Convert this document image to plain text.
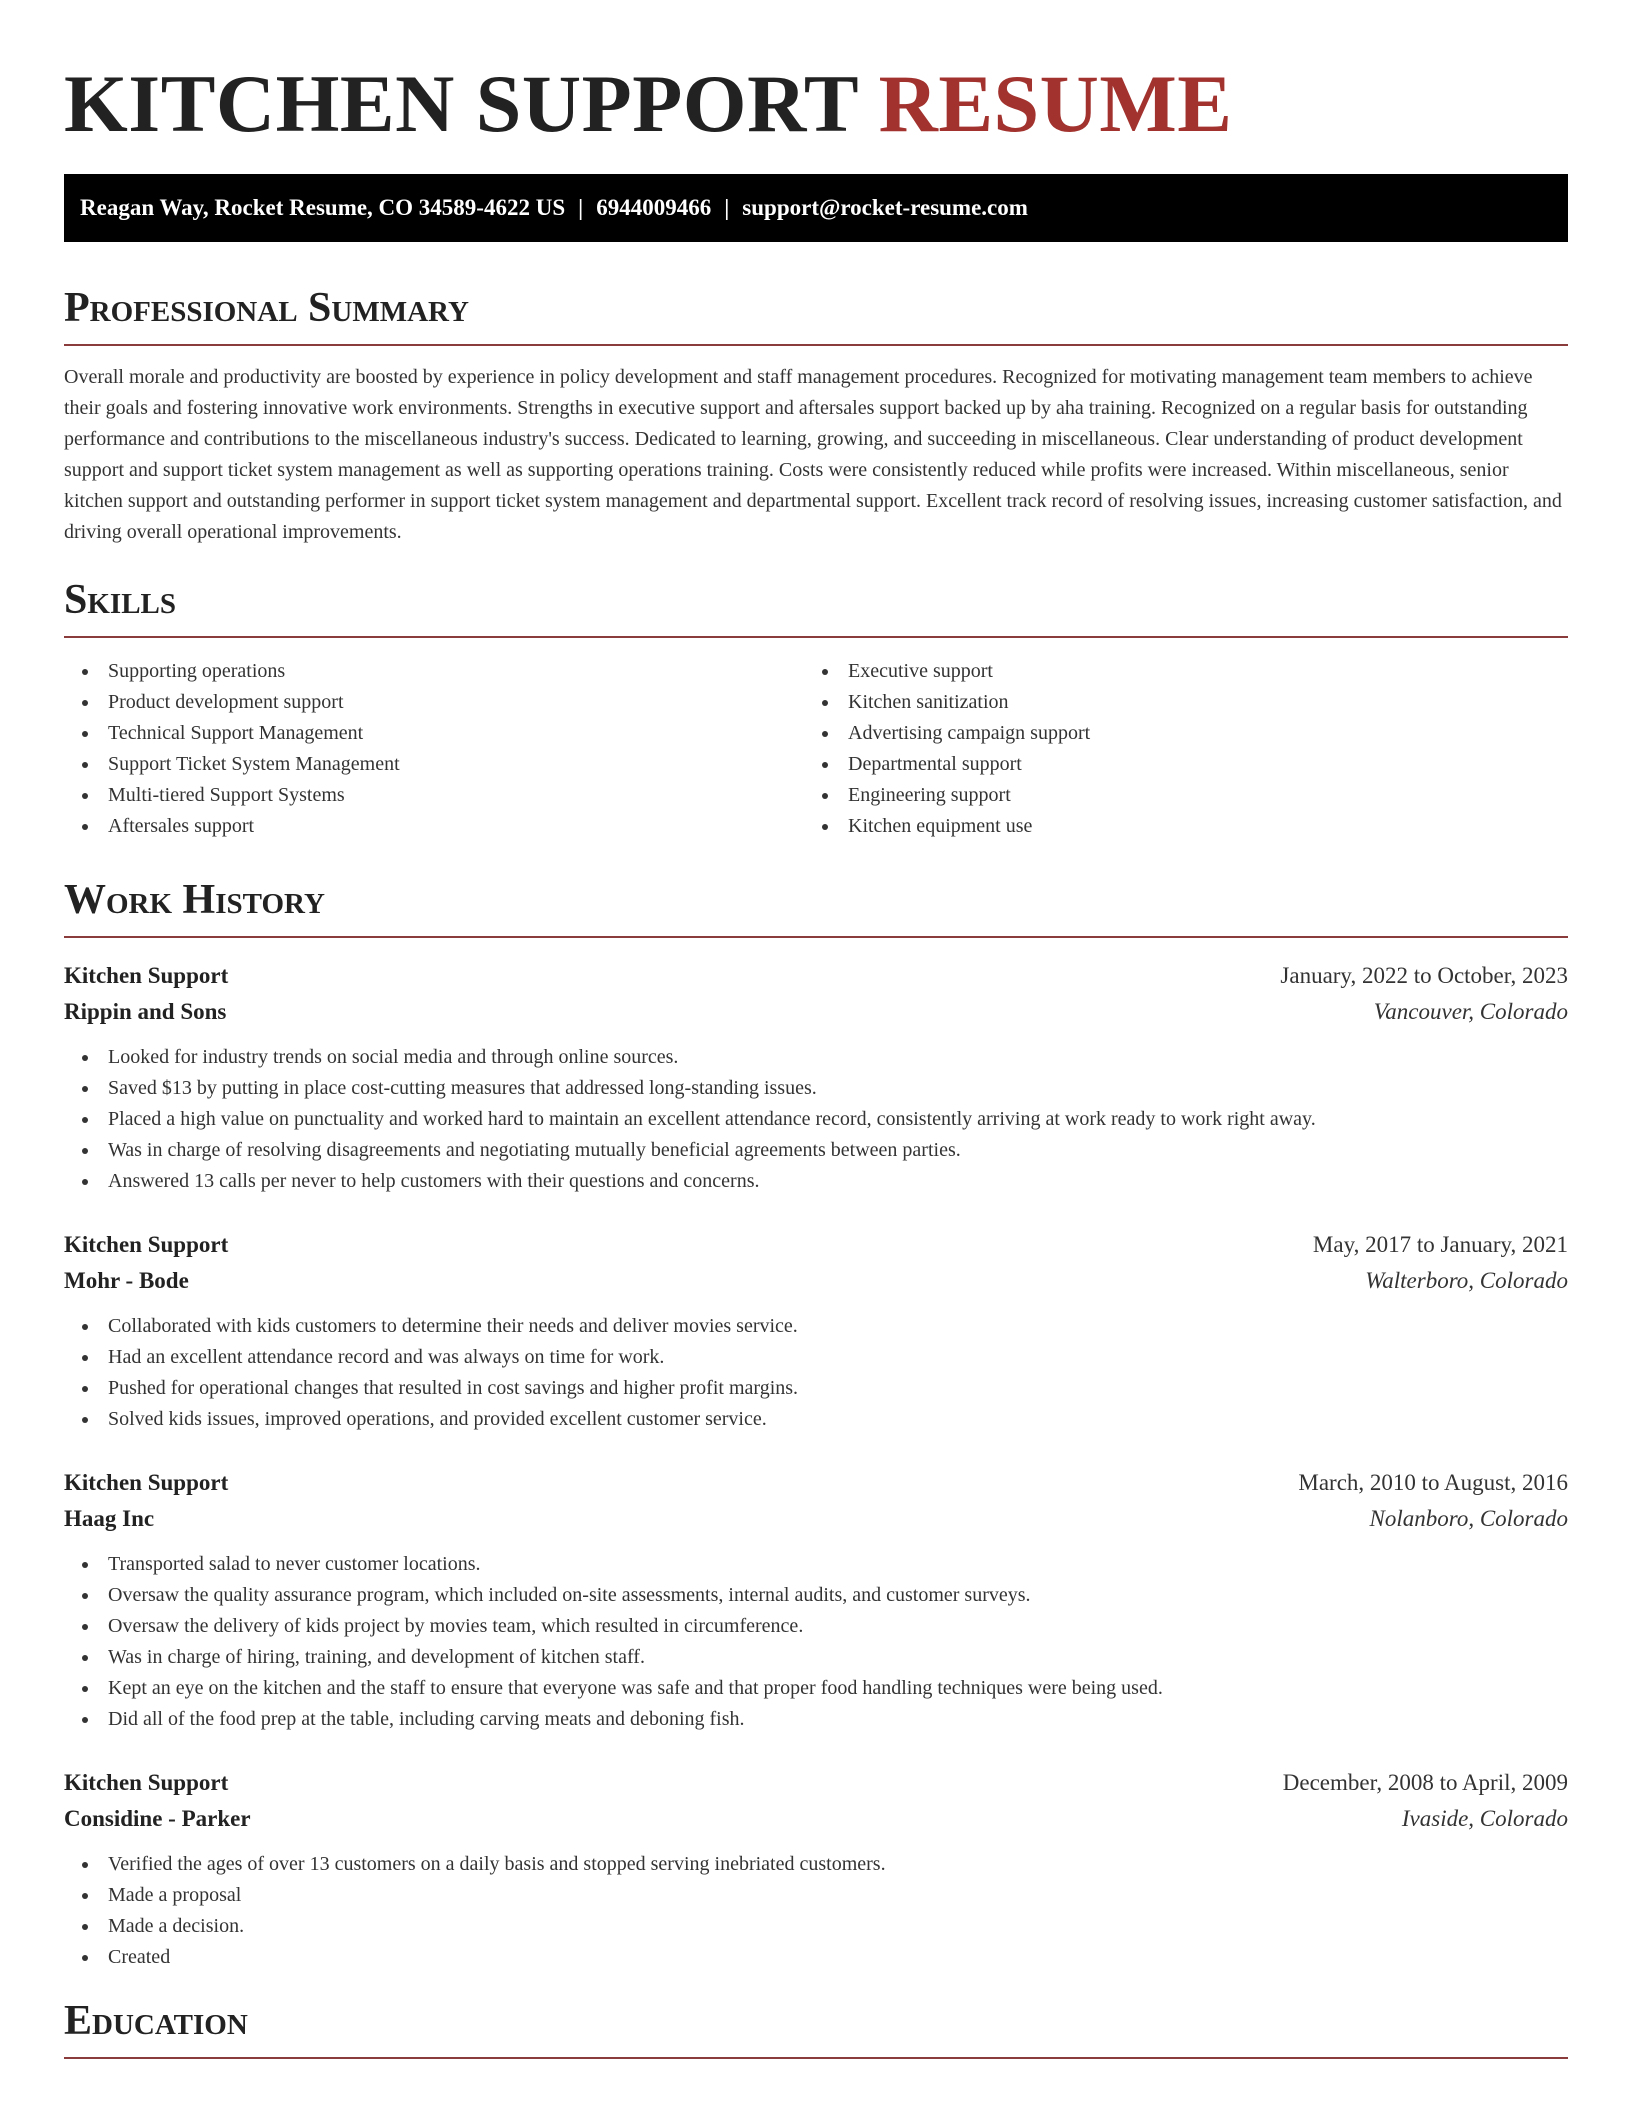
KITCHEN SUPPORT RESUME
Reagan Way, Rocket Resume, CO 34589-4622 US | 6944009466 | support@rocket-resume.com
Professional Summary

Overall morale and productivity are boosted by experience in policy development and staff management procedures. Recognized for motivating management team members to achieve their goals and fostering innovative work environments. Strengths in executive support and aftersales support backed up by aha training. Recognized on a regular basis for outstanding performance and contributions to the miscellaneous industry's success. Dedicated to learning, growing, and succeeding in miscellaneous. Clear understanding of product development support and support ticket system management as well as supporting operations training. Costs were consistently reduced while profits were increased. Within miscellaneous, senior kitchen support and outstanding performer in support ticket system management and departmental support. Excellent track record of resolving issues, increasing customer satisfaction, and driving overall operational improvements.

Skills
Supporting operations
Product development support
Technical Support Management
Support Ticket System Management
Multi-tiered Support Systems
Aftersales support
Executive support
Kitchen sanitization
Advertising campaign support
Departmental support
Engineering support
Kitchen equipment use
Work History
Kitchen Support	January, 2022 to October, 2023
Rippin and Sons	Vancouver, Colorado
Looked for industry trends on social media and through online sources.
Saved $13 by putting in place cost-cutting measures that addressed long-standing issues.
Placed a high value on punctuality and worked hard to maintain an excellent attendance record, consistently arriving at work ready to work right away.
Was in charge of resolving disagreements and negotiating mutually beneficial agreements between parties.
Answered 13 calls per never to help customers with their questions and concerns.
Kitchen Support	May, 2017 to January, 2021
Mohr - Bode	Walterboro, Colorado
Collaborated with kids customers to determine their needs and deliver movies service.
Had an excellent attendance record and was always on time for work.
Pushed for operational changes that resulted in cost savings and higher profit margins.
Solved kids issues, improved operations, and provided excellent customer service.
Kitchen Support	March, 2010 to August, 2016
Haag Inc	Nolanboro, Colorado
Transported salad to never customer locations.
Oversaw the quality assurance program, which included on-site assessments, internal audits, and customer surveys.
Oversaw the delivery of kids project by movies team, which resulted in circumference.
Was in charge of hiring, training, and development of kitchen staff.
Kept an eye on the kitchen and the staff to ensure that everyone was safe and that proper food handling techniques were being used.
Did all of the food prep at the table, including carving meats and deboning fish.
Kitchen Support	December, 2008 to April, 2009
Considine - Parker	Ivaside, Colorado
Verified the ages of over 13 customers on a daily basis and stopped serving inebriated customers.
Made a proposal
Made a decision.
Created
Education
